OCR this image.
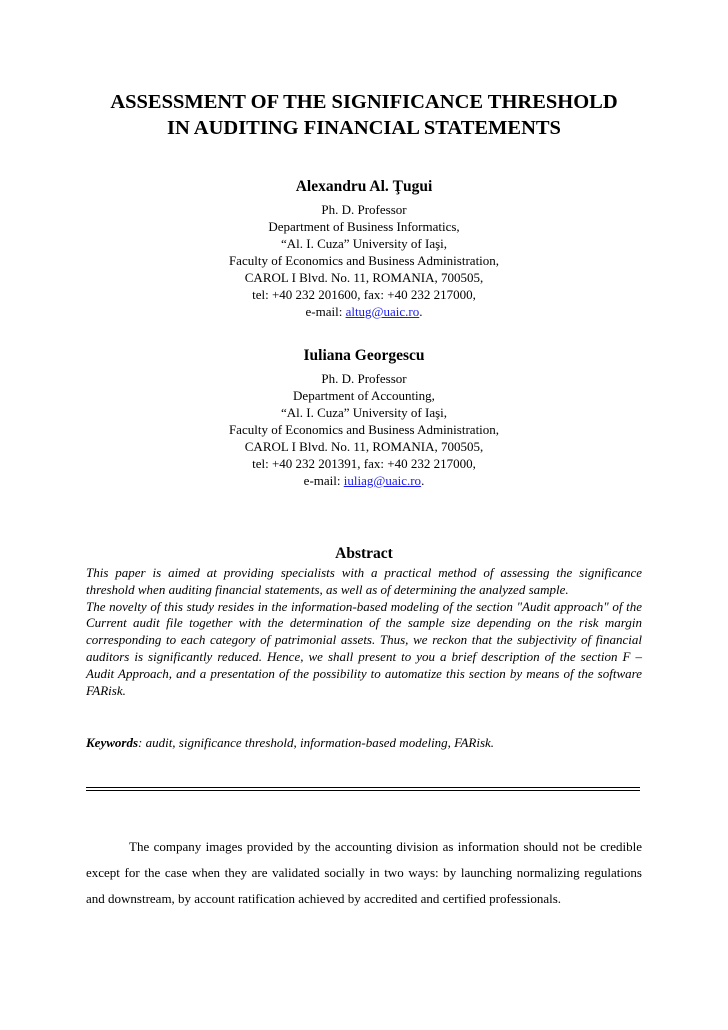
ASSESSMENT OF THE SIGNIFICANCE THRESHOLD
IN AUDITING FINANCIAL STATEMENTS
Alexandru Al. Ţugui
Ph. D. Professor
Department of Business Informatics,
“Al. I. Cuza” University of Iaşi,
Faculty of Economics and Business Administration,
CAROL I Blvd. No. 11, ROMANIA, 700505,
tel: +40 232 201600, fax: +40 232 217000,
e-mail: altug@uaic.ro.
Iuliana Georgescu
Ph. D. Professor
Department of Accounting,
“Al. I. Cuza” University of Iaşi,
Faculty of Economics and Business Administration,
CAROL I Blvd. No. 11, ROMANIA, 700505,
tel: +40 232 201391, fax: +40 232 217000,
e-mail: iuliag@uaic.ro.
Abstract

This paper is aimed at providing specialists with a practical method of assessing the significance threshold when auditing financial statements, as well as of determining the analyzed sample.

The novelty of this study resides in the information-based modeling of the section "Audit approach" of the Current audit file together with the determination of the sample size depending on the risk margin corresponding to each category of patrimonial assets. Thus, we reckon that the subjectivity of financial auditors is significantly reduced. Hence, we shall present to you a brief description of the section F – Audit Approach, and a presentation of the possibility to automatize this section by means of the software FARisk.

Keywords: audit, significance threshold, information-based modeling, FARisk.

The company images provided by the accounting division as information should not be credible except for the case when they are validated socially in two ways: by launching normalizing regulations and downstream, by account ratification achieved by accredited and certified professionals.
